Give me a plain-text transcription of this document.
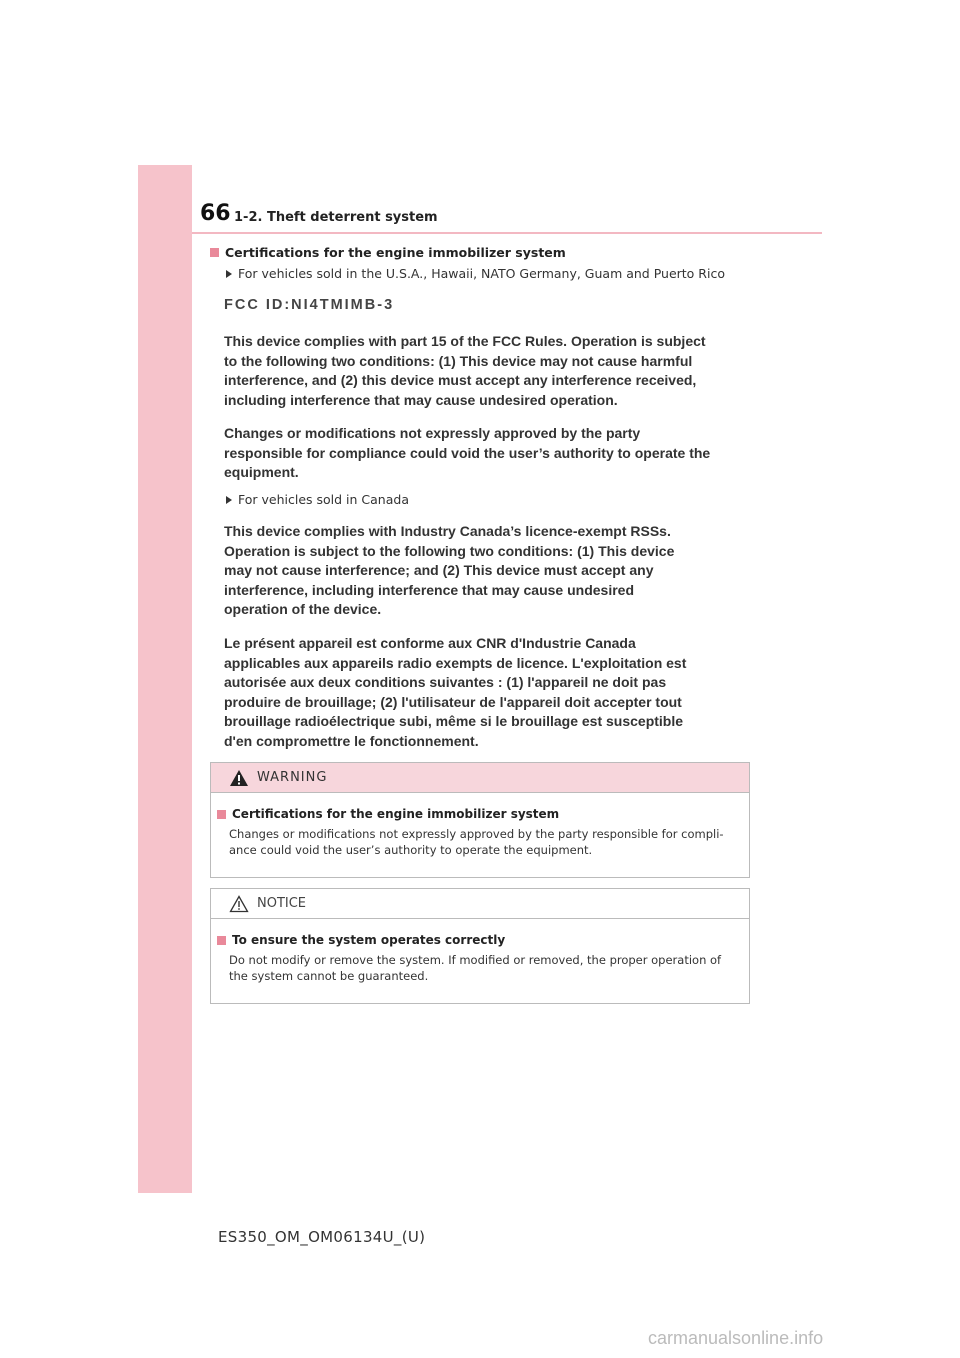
66 1-2. Theft deterrent system
Certifications for the engine immobilizer system
For vehicles sold in the U.S.A., Hawaii, NATO Germany, Guam and Puerto Rico
FCC ID:NI4TMIMB-3

This device complies with part 15 of the FCC Rules. Operation is subject to the following two conditions: (1) This device may not cause harmful interference, and (2) this device must accept any interference received, including interference that may cause undesired operation.

Changes or modifications not expressly approved by the party responsible for compliance could void the user’s authority to operate the equipment.

For vehicles sold in Canada

This device complies with Industry Canada’s licence-exempt RSSs. Operation is subject to the following two conditions: (1) This device may not cause interference; and (2) This device must accept any interference, including interference that may cause undesired operation of the device.

Le présent appareil est conforme aux CNR d'Industrie Canada applicables aux appareils radio exempts de licence. L'exploitation est autorisée aux deux conditions suivantes : (1) l'appareil ne doit pas produire de brouillage; (2) l'utilisateur de l'appareil doit accepter tout brouillage radioélectrique subi, même si le brouillage est susceptible d'en compromettre le fonctionnement.

WARNING
Certifications for the engine immobilizer system
Changes or modifications not expressly approved by the party responsible for compli- ance could void the user’s authority to operate the equipment.
NOTICE
To ensure the system operates correctly
Do not modify or remove the system. If modified or removed, the proper operation of the system cannot be guaranteed.
ES350_OM_OM06134U_(U)
carmanualsonline.info
